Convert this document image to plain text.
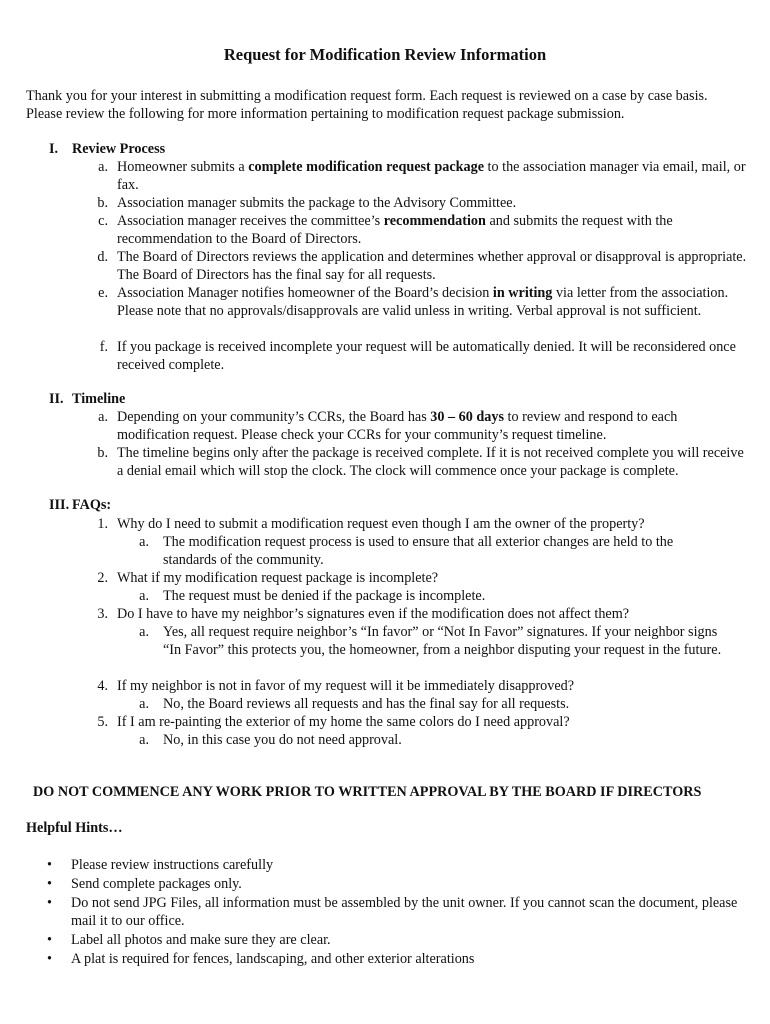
Request for Modification Review Information
Thank you for your interest in submitting a modification request form. Each request is reviewed on a case by case basis. Please review the following for more information pertaining to modification request package submission.
I. Review Process
a. Homeowner submits a complete modification request package to the association manager via email, mail, or fax.
b. Association manager submits the package to the Advisory Committee.
c. Association manager receives the committee’s recommendation and submits the request with the recommendation to the Board of Directors.
d. The Board of Directors reviews the application and determines whether approval or disapproval is appropriate. The Board of Directors has the final say for all requests.
e. Association Manager notifies homeowner of the Board’s decision in writing via letter from the association. Please note that no approvals/disapprovals are valid unless in writing. Verbal approval is not sufficient.
f. If you package is received incomplete your request will be automatically denied. It will be reconsidered once received complete.
II. Timeline
a. Depending on your community’s CCRs, the Board has 30 – 60 days to review and respond to each modification request. Please check your CCRs for your community’s request timeline.
b. The timeline begins only after the package is received complete. If it is not received complete you will receive a denial email which will stop the clock. The clock will commence once your package is complete.
III. FAQs:
1. Why do I need to submit a modification request even though I am the owner of the property?
a. The modification request process is used to ensure that all exterior changes are held to the standards of the community.
2. What if my modification request package is incomplete?
a. The request must be denied if the package is incomplete.
3. Do I have to have my neighbor’s signatures even if the modification does not affect them?
a. Yes, all request require neighbor’s “In favor” or “Not In Favor” signatures. If your neighbor signs “In Favor” this protects you, the homeowner, from a neighbor disputing your request in the future.
4. If my neighbor is not in favor of my request will it be immediately disapproved?
a. No, the Board reviews all requests and has the final say for all requests.
5. If I am re-painting the exterior of my home the same colors do I need approval?
a. No, in this case you do not need approval.
DO NOT COMMENCE ANY WORK PRIOR TO WRITTEN APPROVAL BY THE BOARD IF DIRECTORS
Helpful Hints…
• Please review instructions carefully
• Send complete packages only.
• Do not send JPG Files, all information must be assembled by the unit owner. If you cannot scan the document, please mail it to our office.
• Label all photos and make sure they are clear.
• A plat is required for fences, landscaping, and other exterior alterations
